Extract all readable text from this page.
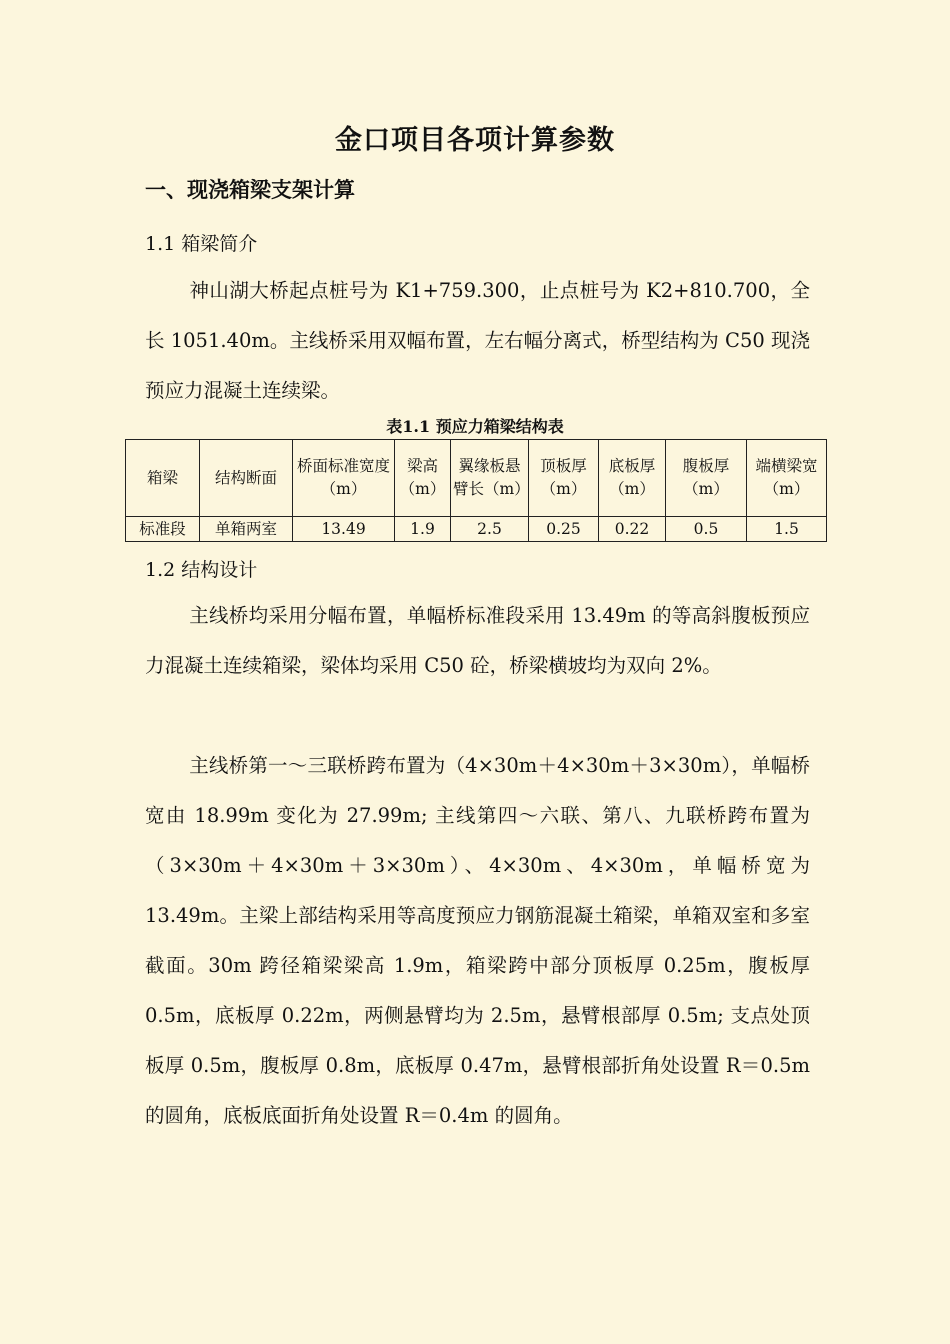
金口项目各项计算参数
一、现浇箱梁支架计算
1.1 箱梁简介

神山湖大桥起点桩号为 K1+759.300，止点桩号为 K2+810.700，全长 1051.40m。主线桥采用双幅布置，左右幅分离式，桥型结构为 C50 现浇预应力混凝土连续梁。

表1.1 预应力箱梁结构表
箱梁	结构断面	桥面标准宽度（m）	梁高（m）	翼缘板悬臂长（m）	顶板厚（m）	底板厚（m）	腹板厚（m）	端横梁宽（m）
标准段	单箱两室	13.49	1.9	2.5	0.25	0.22	0.5	1.5
1.2 结构设计

主线桥均采用分幅布置，单幅桥标准段采用 13.49m 的等高斜腹板预应力混凝土连续箱梁，梁体均采用 C50 砼，桥梁横坡均为双向 2%。

主线桥第一～三联桥跨布置为（4×30m＋4×30m＋3×30m），单幅桥宽由 18.99m 变化为 27.99m; 主线第四～六联、第八、九联桥跨布置为（3×30m＋4×30m＋3×30m）、4×30m、4×30m，单幅桥宽为 13.49m。主梁上部结构采用等高度预应力钢筋混凝土箱梁，单箱双室和多室截面。30m 跨径箱梁梁高 1.9m，箱梁跨中部分顶板厚 0.25m，腹板厚 0.5m，底板厚 0.22m，两侧悬臂均为 2.5m，悬臂根部厚 0.5m; 支点处顶板厚 0.5m，腹板厚 0.8m，底板厚 0.47m，悬臂根部折角处设置 R＝0.5m 的圆角，底板底面折角处设置 R＝0.4m 的圆角。
